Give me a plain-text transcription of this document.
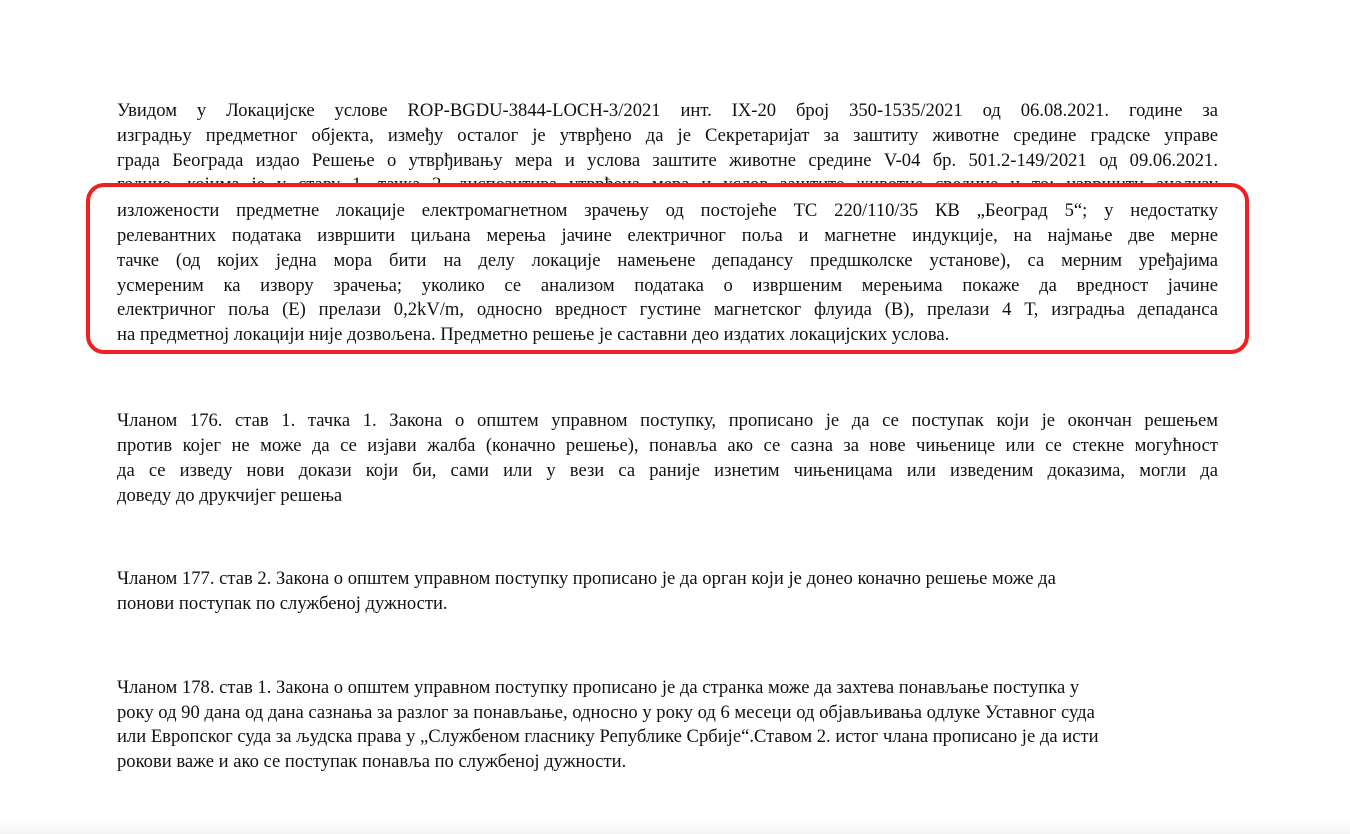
Увидом у Локацијске услове ROP-BGDU-3844-LOCH-3/2021 инт. IX-20 број 350-1535/2021 од 06.08.2021. године за
изградњу предметног објекта, између осталог је утврђено да је Секретаријат за заштиту животне средине градске управе
града Београда издао Решење о утврђивању мера и услова заштите животне средине V-04 бр. 501.2-149/2021 од 09.06.2021.
изложености предметне локације електромагнетном зрачењу од постојеће ТС 220/110/35 КВ „Београд 5“; у недостатку
релевантних података извршити циљана мерења јачине електричног поља и магнетне индукције, на најмање две мерне
тачке (од којих једна мора бити на делу локације намењене депадансу предшколске установе), са мерним уређајима
усмереним ка извору зрачења; уколико се анализом података о извршеним мерењима покаже да вредност јачине
електричног поља (Е) прелази 0,2kV/m, односно вредност густине магнетског флуида (В), прелази 4 Т, изградња депаданса
на предметној локацији није дозвољена. Предметно решење је саставни део издатих локацијских услова.
Чланом 176. став 1. тачка 1. Закона о општем управном поступку, прописано је да се поступак који је окончан решењем
против којег не може да се изјави жалба (коначно решење), понавља ако се сазна за нове чињенице или се стекне могућност
да се изведу нови докази који би, сами или у вези са раније изнетим чињеницама или изведеним доказима, могли да
доведу до друкчијег решења
Чланом 177. став 2. Закона о општем управном поступку прописано је да орган који је донео коначно решење може да
понови поступак по службеној дужности.
Чланом 178. став 1. Закона о општем управном поступку прописано је да странка може да захтева понављање поступка у
року од 90 дана од дана сазнања за разлог за понављање, односно у року од 6 месеци од објављивања одлуке Уставног суда
или Европског суда за људска права у „Службеном гласнику Републике Србије“.Ставом 2. истог члана прописано је да исти
рокови важе и ако се поступак понавља по службеној дужности.
